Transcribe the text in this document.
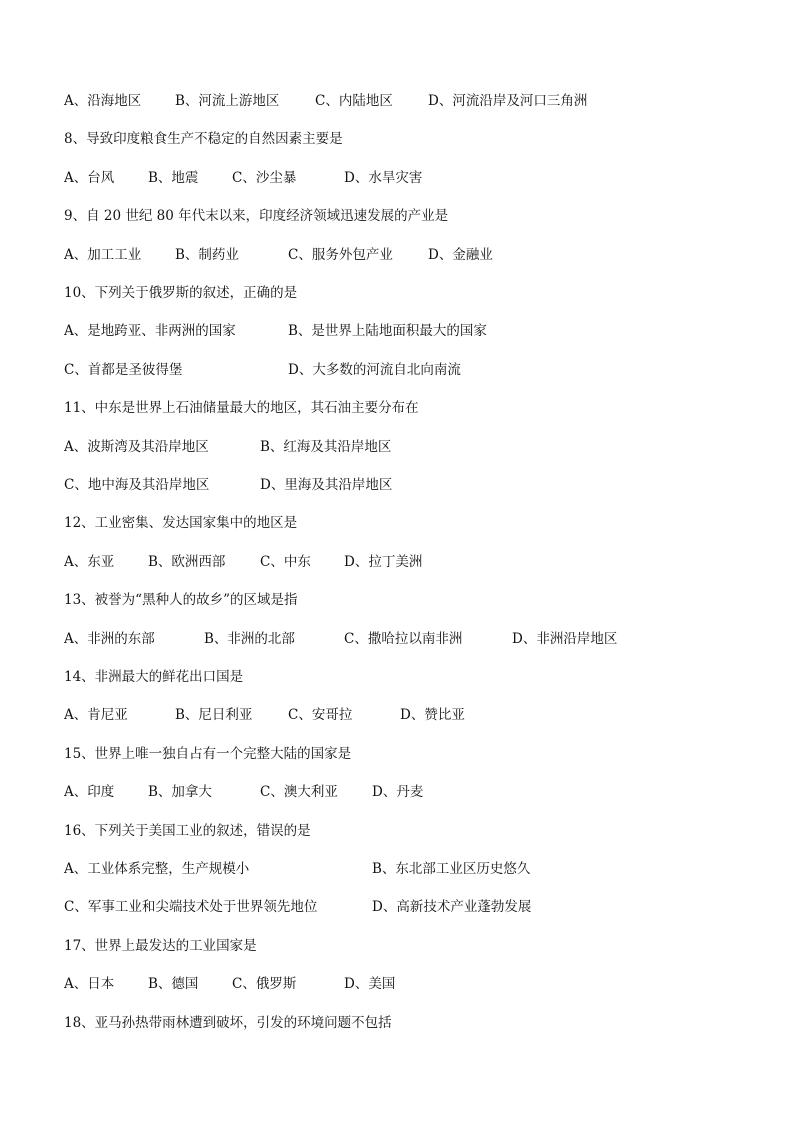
A、沿海地区	B、河流上游地区	C、内陆地区	D、河流沿岸及河口三角洲
8、导致印度粮食生产不稳定的自然因素主要是
A、台风	B、地震 C、沙尘暴	D、水旱灾害
9、自 20 世纪 80 年代末以来，印度经济领域迅速发展的产业是
A、加工工业	B、制药业	C、服务外包产业	D、金融业
10、下列关于俄罗斯的叙述，正确的是
A、是地跨亚、非两洲的国家	B、是世界上陆地面积最大的国家
C、首都是圣彼得堡	D、大多数的河流自北向南流
11、中东是世界上石油储量最大的地区，其石油主要分布在
A、波斯湾及其沿岸地区	B、红海及其沿岸地区
C、地中海及其沿岸地区	D、里海及其沿岸地区
12、工业密集、发达国家集中的地区是
A、东亚	B、欧洲西部	C、中东 D、拉丁美洲
13、被誉为“黑种人的故乡”的区域是指
A、非洲的东部	B、非洲的北部	C、撒哈拉以南非洲	D、非洲沿岸地区
14、非洲最大的鲜花出口国是
A、肯尼亚	B、尼日利亚	C、安哥拉	D、赞比亚
15、世界上唯一独自占有一个完整大陆的国家是
A、印度	B、加拿大	C、澳大利亚	D、丹麦
16、下列关于美国工业的叙述，错误的是
A、工业体系完整，生产规模小	B、东北部工业区历史悠久
C、军事工业和尖端技术处于世界领先地位	D、高新技术产业蓬勃发展
17、世界上最发达的工业国家是
A、日本	B、德国 C、俄罗斯	D、美国
18、亚马孙热带雨林遭到破坏，引发的环境问题不包括
